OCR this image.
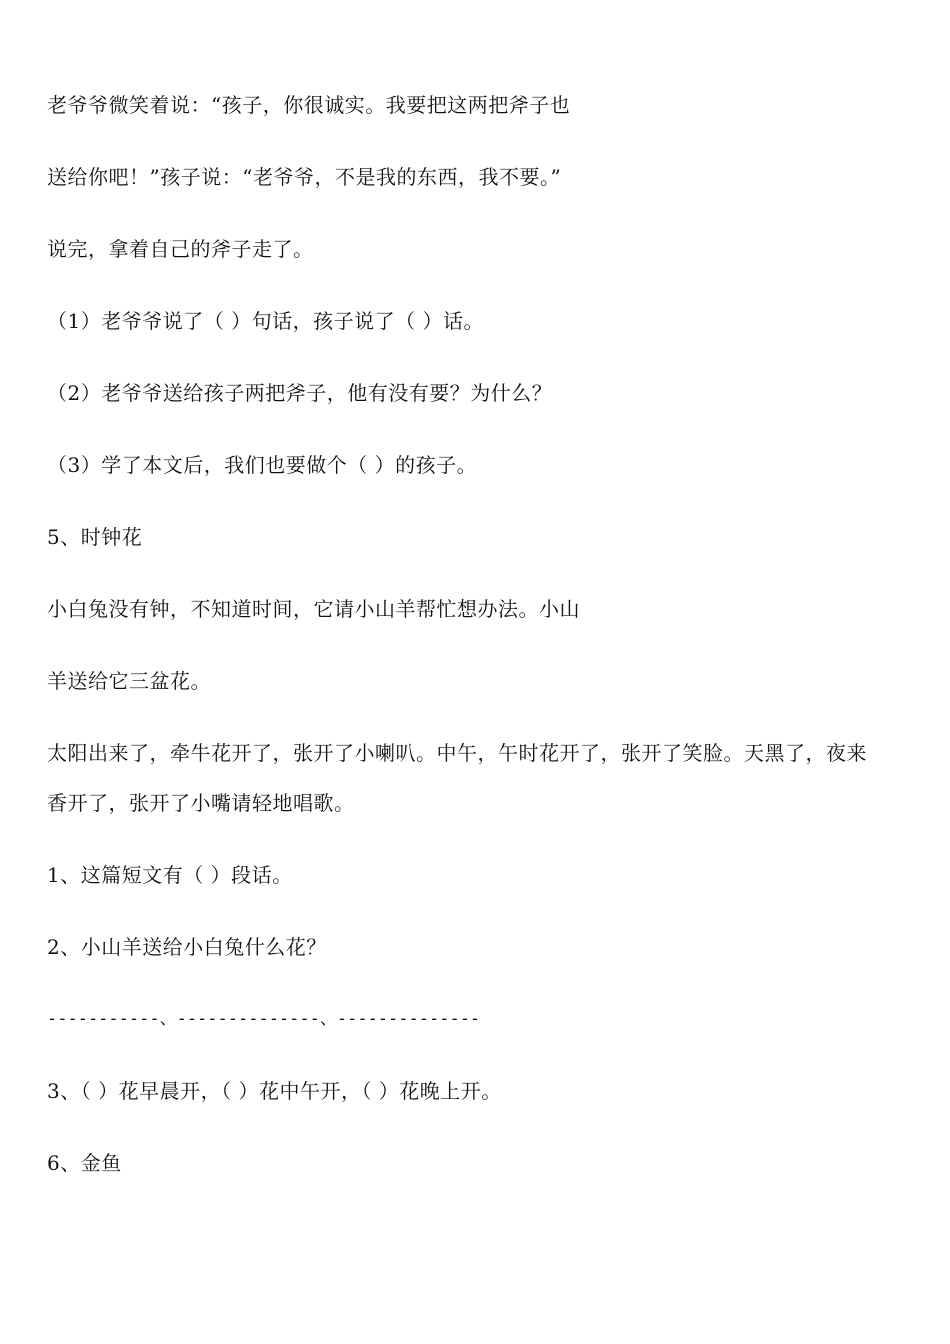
老爷爷微笑着说：“孩子，你很诚实。我要把这两把斧子也
送给你吧！”孩子说：“老爷爷，不是我的东西，我不要。”
说完，拿着自己的斧子走了。
（1）老爷爷说了（ ）句话，孩子说了（ ）话。
（2）老爷爷送给孩子两把斧子，他有没有要？为什么？
（3）学了本文后，我们也要做个（ ）的孩子。
5、时钟花
小白兔没有钟，不知道时间，它请小山羊帮忙想办法。小山
羊送给它三盆花。
太阳出来了，牵牛花开了，张开了小喇叭。中午，午时花开了，张开了笑脸。天黑了，夜来
香开了，张开了小嘴请轻地唱歌。
1、这篇短文有（ ）段话。
2、小山羊送给小白兔什么花？
-----------、--------------、--------------
3、（ ）花早晨开，（ ）花中午开，（ ）花晚上开。
6、金鱼
